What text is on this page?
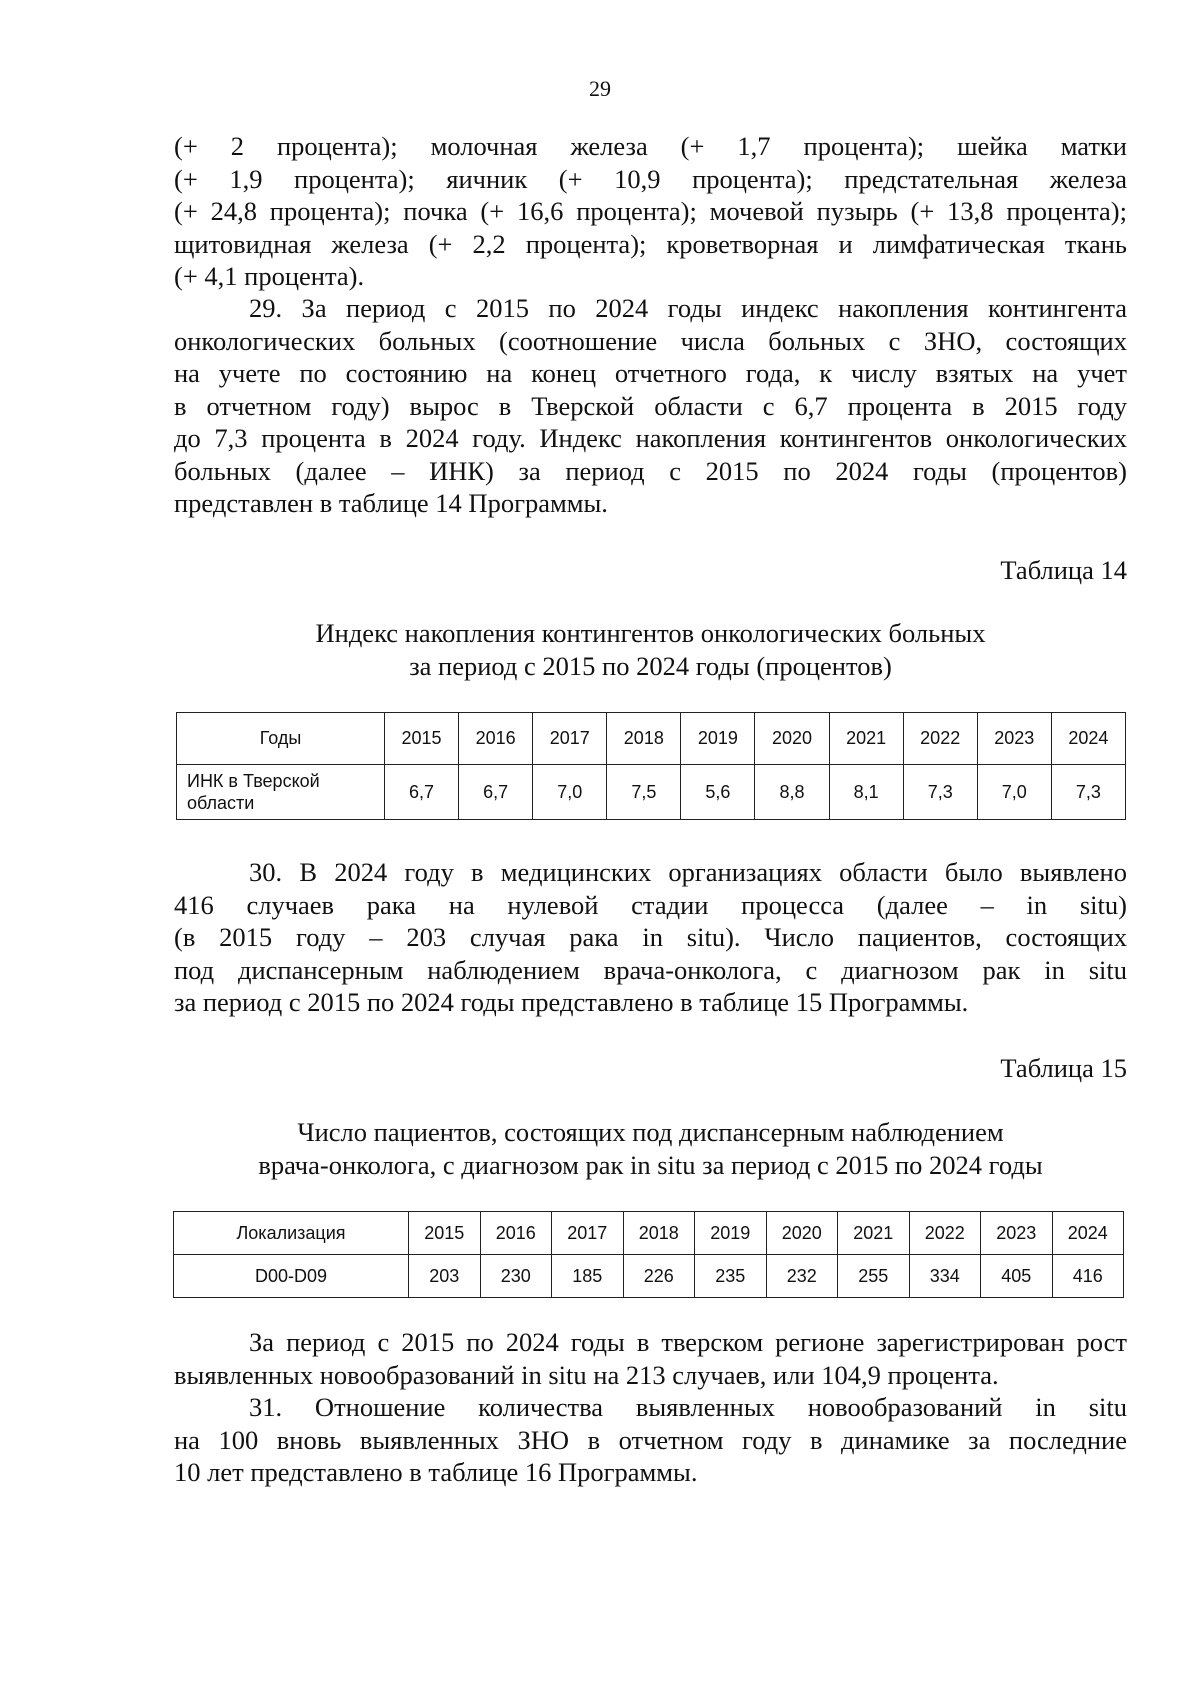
29
(+ 2 процента); молочная железа (+ 1,7 процента); шейка матки
(+ 1,9 процента); яичник (+ 10,9 процента); предстательная железа
(+ 24,8 процента); почка (+ 16,6 процента); мочевой пузырь (+ 13,8 процента);
щитовидная железа (+ 2,2 процента); кроветворная и лимфатическая ткань
(+ 4,1 процента).
29. За период с 2015 по 2024 годы индекс накопления контингента
онкологических больных (соотношение числа больных с ЗНО, состоящих
на учете по состоянию на конец отчетного года, к числу взятых на учет
в отчетном году) вырос в Тверской области с 6,7 процента в 2015 году
до 7,3 процента в 2024 году. Индекс накопления контингентов онкологических
больных (далее – ИНК) за период с 2015 по 2024 годы (процентов)
представлен в таблице 14 Программы.
Таблица 14
Индекс накопления контингентов онкологических больных
за период с 2015 по 2024 годы (процентов)
Годы	2015	2016	2017	2018	2019	2020	2021	2022	2023	2024
ИНК в Тверской области	6,7	6,7	7,0	7,5	5,6	8,8	8,1	7,3	7,0	7,3
30. В 2024 году в медицинских организациях области было выявлено
416 случаев рака на нулевой стадии процесса (далее – in situ)
(в 2015 году – 203 случая рака in situ). Число пациентов, состоящих
под диспансерным наблюдением врача-онколога, с диагнозом рак in situ
за период с 2015 по 2024 годы представлено в таблице 15 Программы.
Таблица 15
Число пациентов, состоящих под диспансерным наблюдением
врача-онколога, с диагнозом рак in situ за период с 2015 по 2024 годы
Локализация	2015	2016	2017	2018	2019	2020	2021	2022	2023	2024
D00-D09	203	230	185	226	235	232	255	334	405	416
За период с 2015 по 2024 годы в тверском регионе зарегистрирован рост
выявленных новообразований in situ на 213 случаев, или 104,9 процента.
31. Отношение количества выявленных новообразований in situ
на 100 вновь выявленных ЗНО в отчетном году в динамике за последние
10 лет представлено в таблице 16 Программы.
